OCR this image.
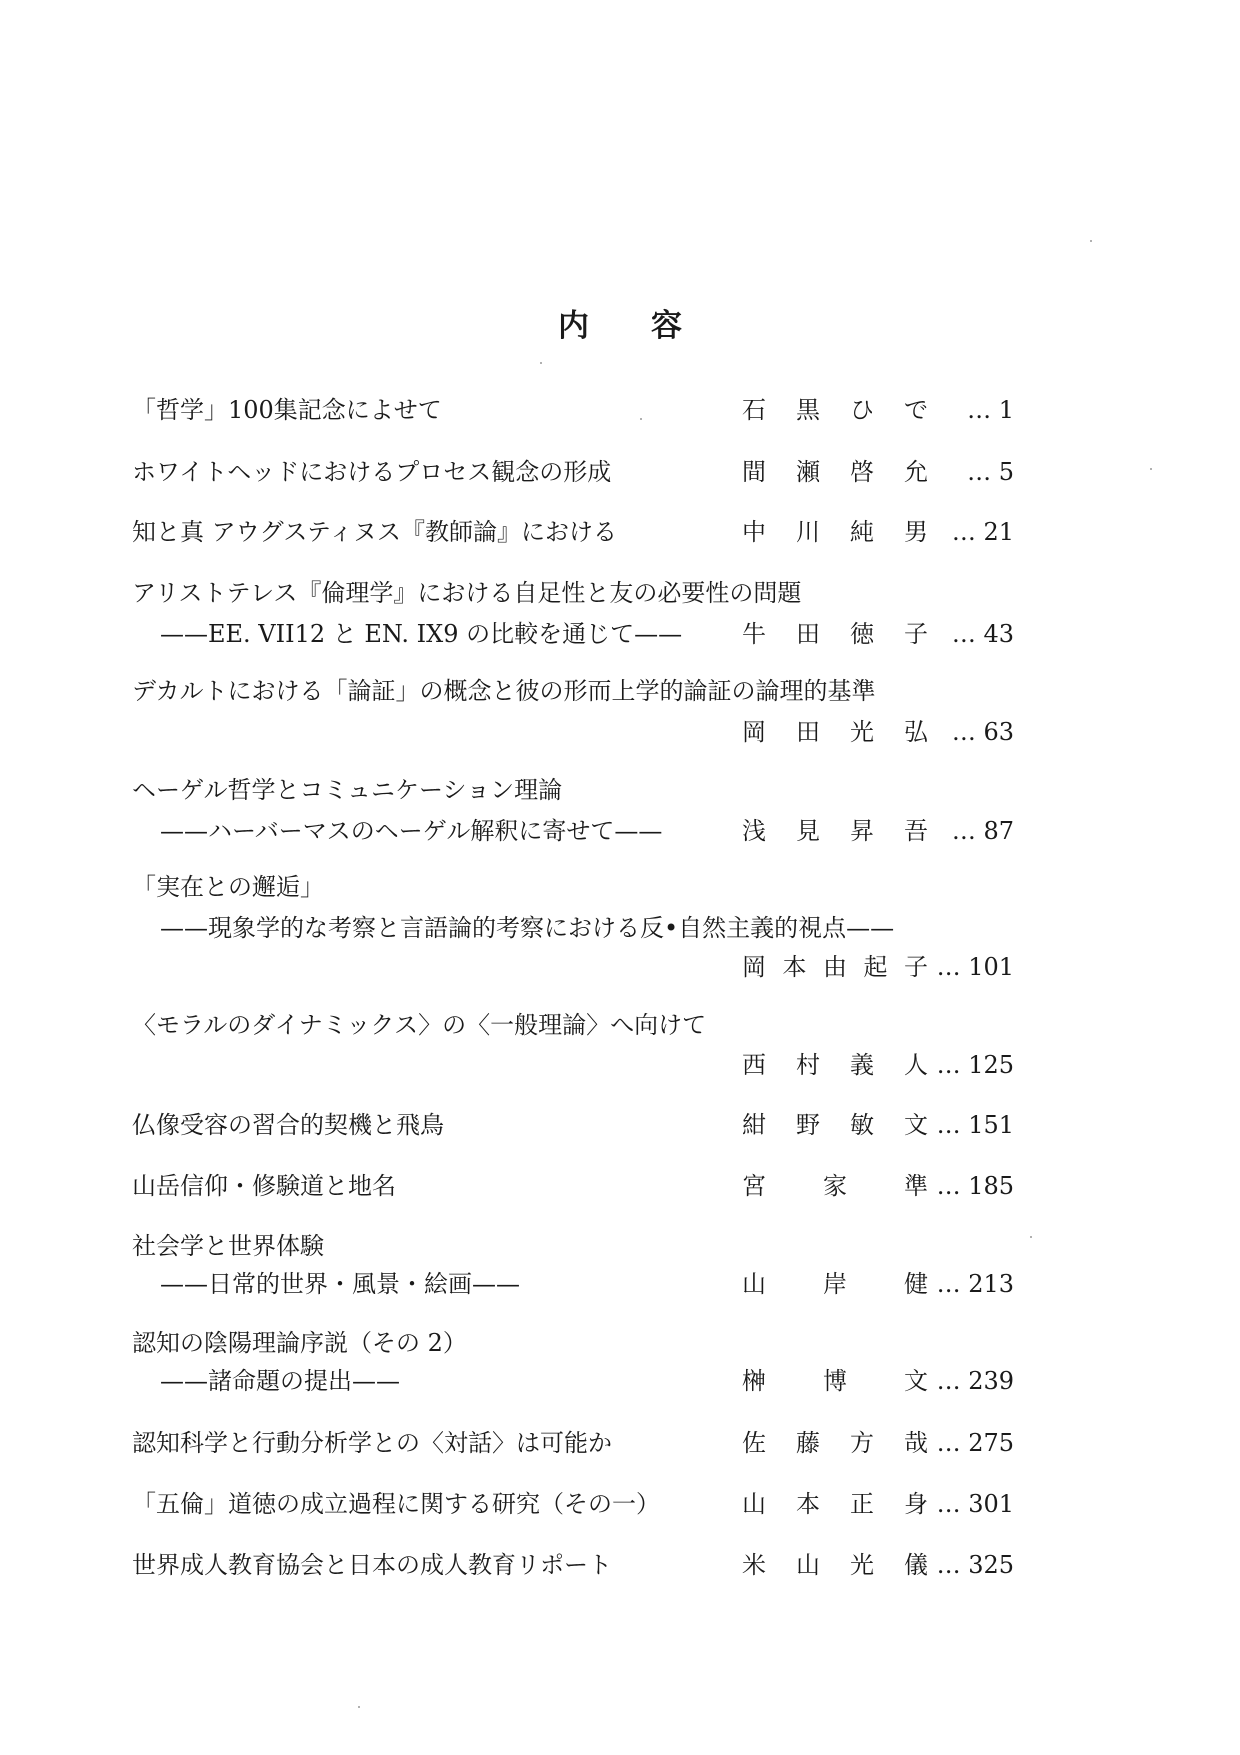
内容
「哲学」100集記念によせて	石 黒 ひ で	… 1
ホワイトヘッドにおけるプロセス観念の形成	間 瀬 啓 允	… 5
知と真 アウグスティヌス『教師論』における	中 川 純 男 … 21
アリストテレス『倫理学』における自足性と友の必要性の問題
——EE. VII12 と EN. IX9 の比較を通じて—— 牛 田 徳 子 … 43
デカルトにおける「論証」の概念と彼の形而上学的論証の論理的基準
岡 田 光 弘 … 63
ヘーゲル哲学とコミュニケーション理論
——ハーバーマスのヘーゲル解釈に寄せて——	浅 見 昇 吾 … 87
「実在との邂逅」
——現象学的な考察と言語論的考察における反•自然主義的視点——
岡 本 由 起 子 … 101
〈モラルのダイナミックス〉の〈一般理論〉へ向けて
西 村 義 人 … 125
仏像受容の習合的契機と飛鳥	紺 野 敏 文 … 151
山岳信仰・修験道と地名	宮 家 準 … 185
社会学と世界体験
——日常的世界・風景・絵画——	山 岸 健 … 213
認知の陰陽理論序説（その 2）
——諸命題の提出——	榊 博 文 … 239
認知科学と行動分析学との〈対話〉は可能か	佐 藤 方 哉 … 275
「五倫」道徳の成立過程に関する研究（その一）	山 本 正 身 … 301
世界成人教育協会と日本の成人教育リポート	米 山 光 儀 … 325
